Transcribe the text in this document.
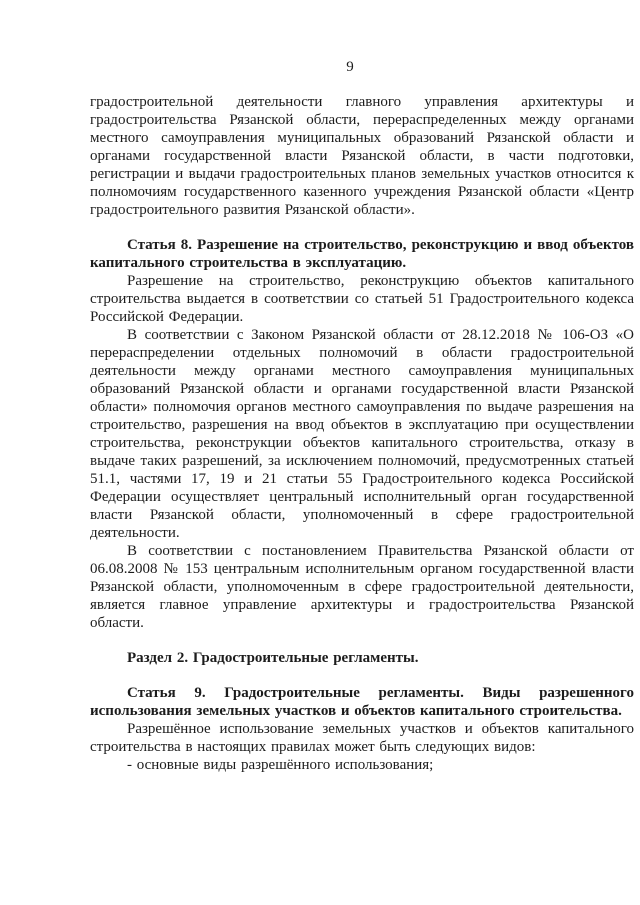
9

градостроительной деятельности главного управления архитектуры и градостроительства Рязанской области, перераспределенных между органами местного самоуправления муниципальных образований Рязанской области и органами государственной власти Рязанской области, в части подготовки, регистрации и выдачи градостроительных планов земельных участков относится к полномочиям государственного казенного учреждения Рязанской области «Центр градостроительного развития Рязанской области».

Статья 8. Разрешение на строительство, реконструкцию и ввод объектов капитального строительства в эксплуатацию.

Разрешение на строительство, реконструкцию объектов капитального строительства выдается в соответствии со статьей 51 Градостроительного кодекса Российской Федерации.

В соответствии с Законом Рязанской области от 28.12.2018 № 106-ОЗ «О перераспределении отдельных полномочий в области градостроительной деятельности между органами местного самоуправления муниципальных образований Рязанской области и органами государственной власти Рязанской области» полномочия органов местного самоуправления по выдаче разрешения на строительство, разрешения на ввод объектов в эксплуатацию при осуществлении строительства, реконструкции объектов капитального строительства, отказу в выдаче таких разрешений, за исключением полномочий, предусмотренных статьей 51.1, частями 17, 19 и 21 статьи 55 Градостроительного кодекса Российской Федерации осуществляет центральный исполнительный орган государственной власти Рязанской области, уполномоченный в сфере градостроительной деятельности.

В соответствии с постановлением Правительства Рязанской области от 06.08.2008 № 153 центральным исполнительным органом государственной власти Рязанской области, уполномоченным в сфере градостроительной деятельности, является главное управление архитектуры и градостроительства Рязанской области.

Раздел 2. Градостроительные регламенты.

Статья 9. Градостроительные регламенты. Виды разрешенного использования земельных участков и объектов капитального строительства.

Разрешённое использование земельных участков и объектов капитального строительства в настоящих правилах может быть следующих видов:

- основные виды разрешённого использования;
